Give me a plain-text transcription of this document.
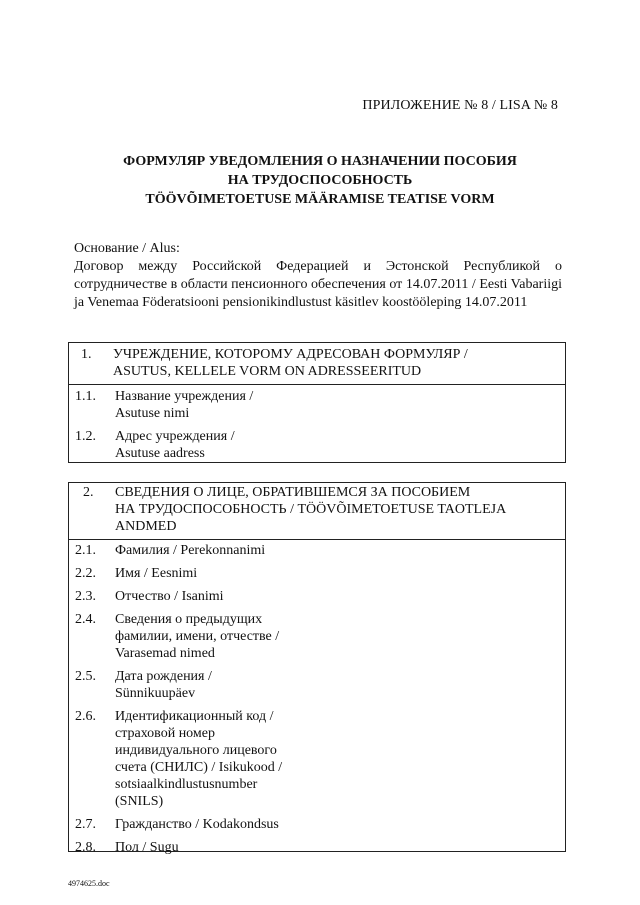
ПРИЛОЖЕНИЕ № 8 / LISA № 8
ФОРМУЛЯР УВЕДОМЛЕНИЯ О НАЗНАЧЕНИИ ПОСОБИЯ
НА ТРУДОСПОСОБНОСТЬ
TÖÖVÕIMETOETUSE MÄÄRAMISE TEATISE VORM
Основание / Alus:
Договор между Российской Федерацией и Эстонской Республикой о сотрудничестве в области пенсионного обеспечения от 14.07.2011 / Eesti Vabariigi ja Venemaa Föderatsiooni pensionikindlustust käsitlev koostööleping 14.07.2011
1. УЧРЕЖДЕНИЕ, КОТОРОМУ АДРЕСОВАН ФОРМУЛЯР /
ASUTUS, KELLELE VORM ON ADRESSEERITUD
1.1. Название учреждения /
Asutuse nimi
1.2. Адрес учреждения /
Asutuse aadress
2. СВЕДЕНИЯ О ЛИЦЕ, ОБРАТИВШЕМСЯ ЗА ПОСОБИЕМ
НА ТРУДОСПОСОБНОСТЬ / TÖÖVÕIMETOETUSE TAOTLEJA
ANDMED
2.1. Фамилия / Perekonnanimi
2.2. Имя / Eesnimi
2.3. Отчество / Isanimi
2.4. Сведения о предыдущих
фамилии, имени, отчестве /
Varasemad nimed
2.5. Дата рождения /
Sünnikuupäev
2.6. Идентификационный код /
страховой номер
индивидуального лицевого
счета (СНИЛС) / Isikukood /
sotsiaalkindlustusnumber
(SNILS)
2.7. Гражданство / Kodakondsus
2.8. Пол / Sugu
4974625.doc
